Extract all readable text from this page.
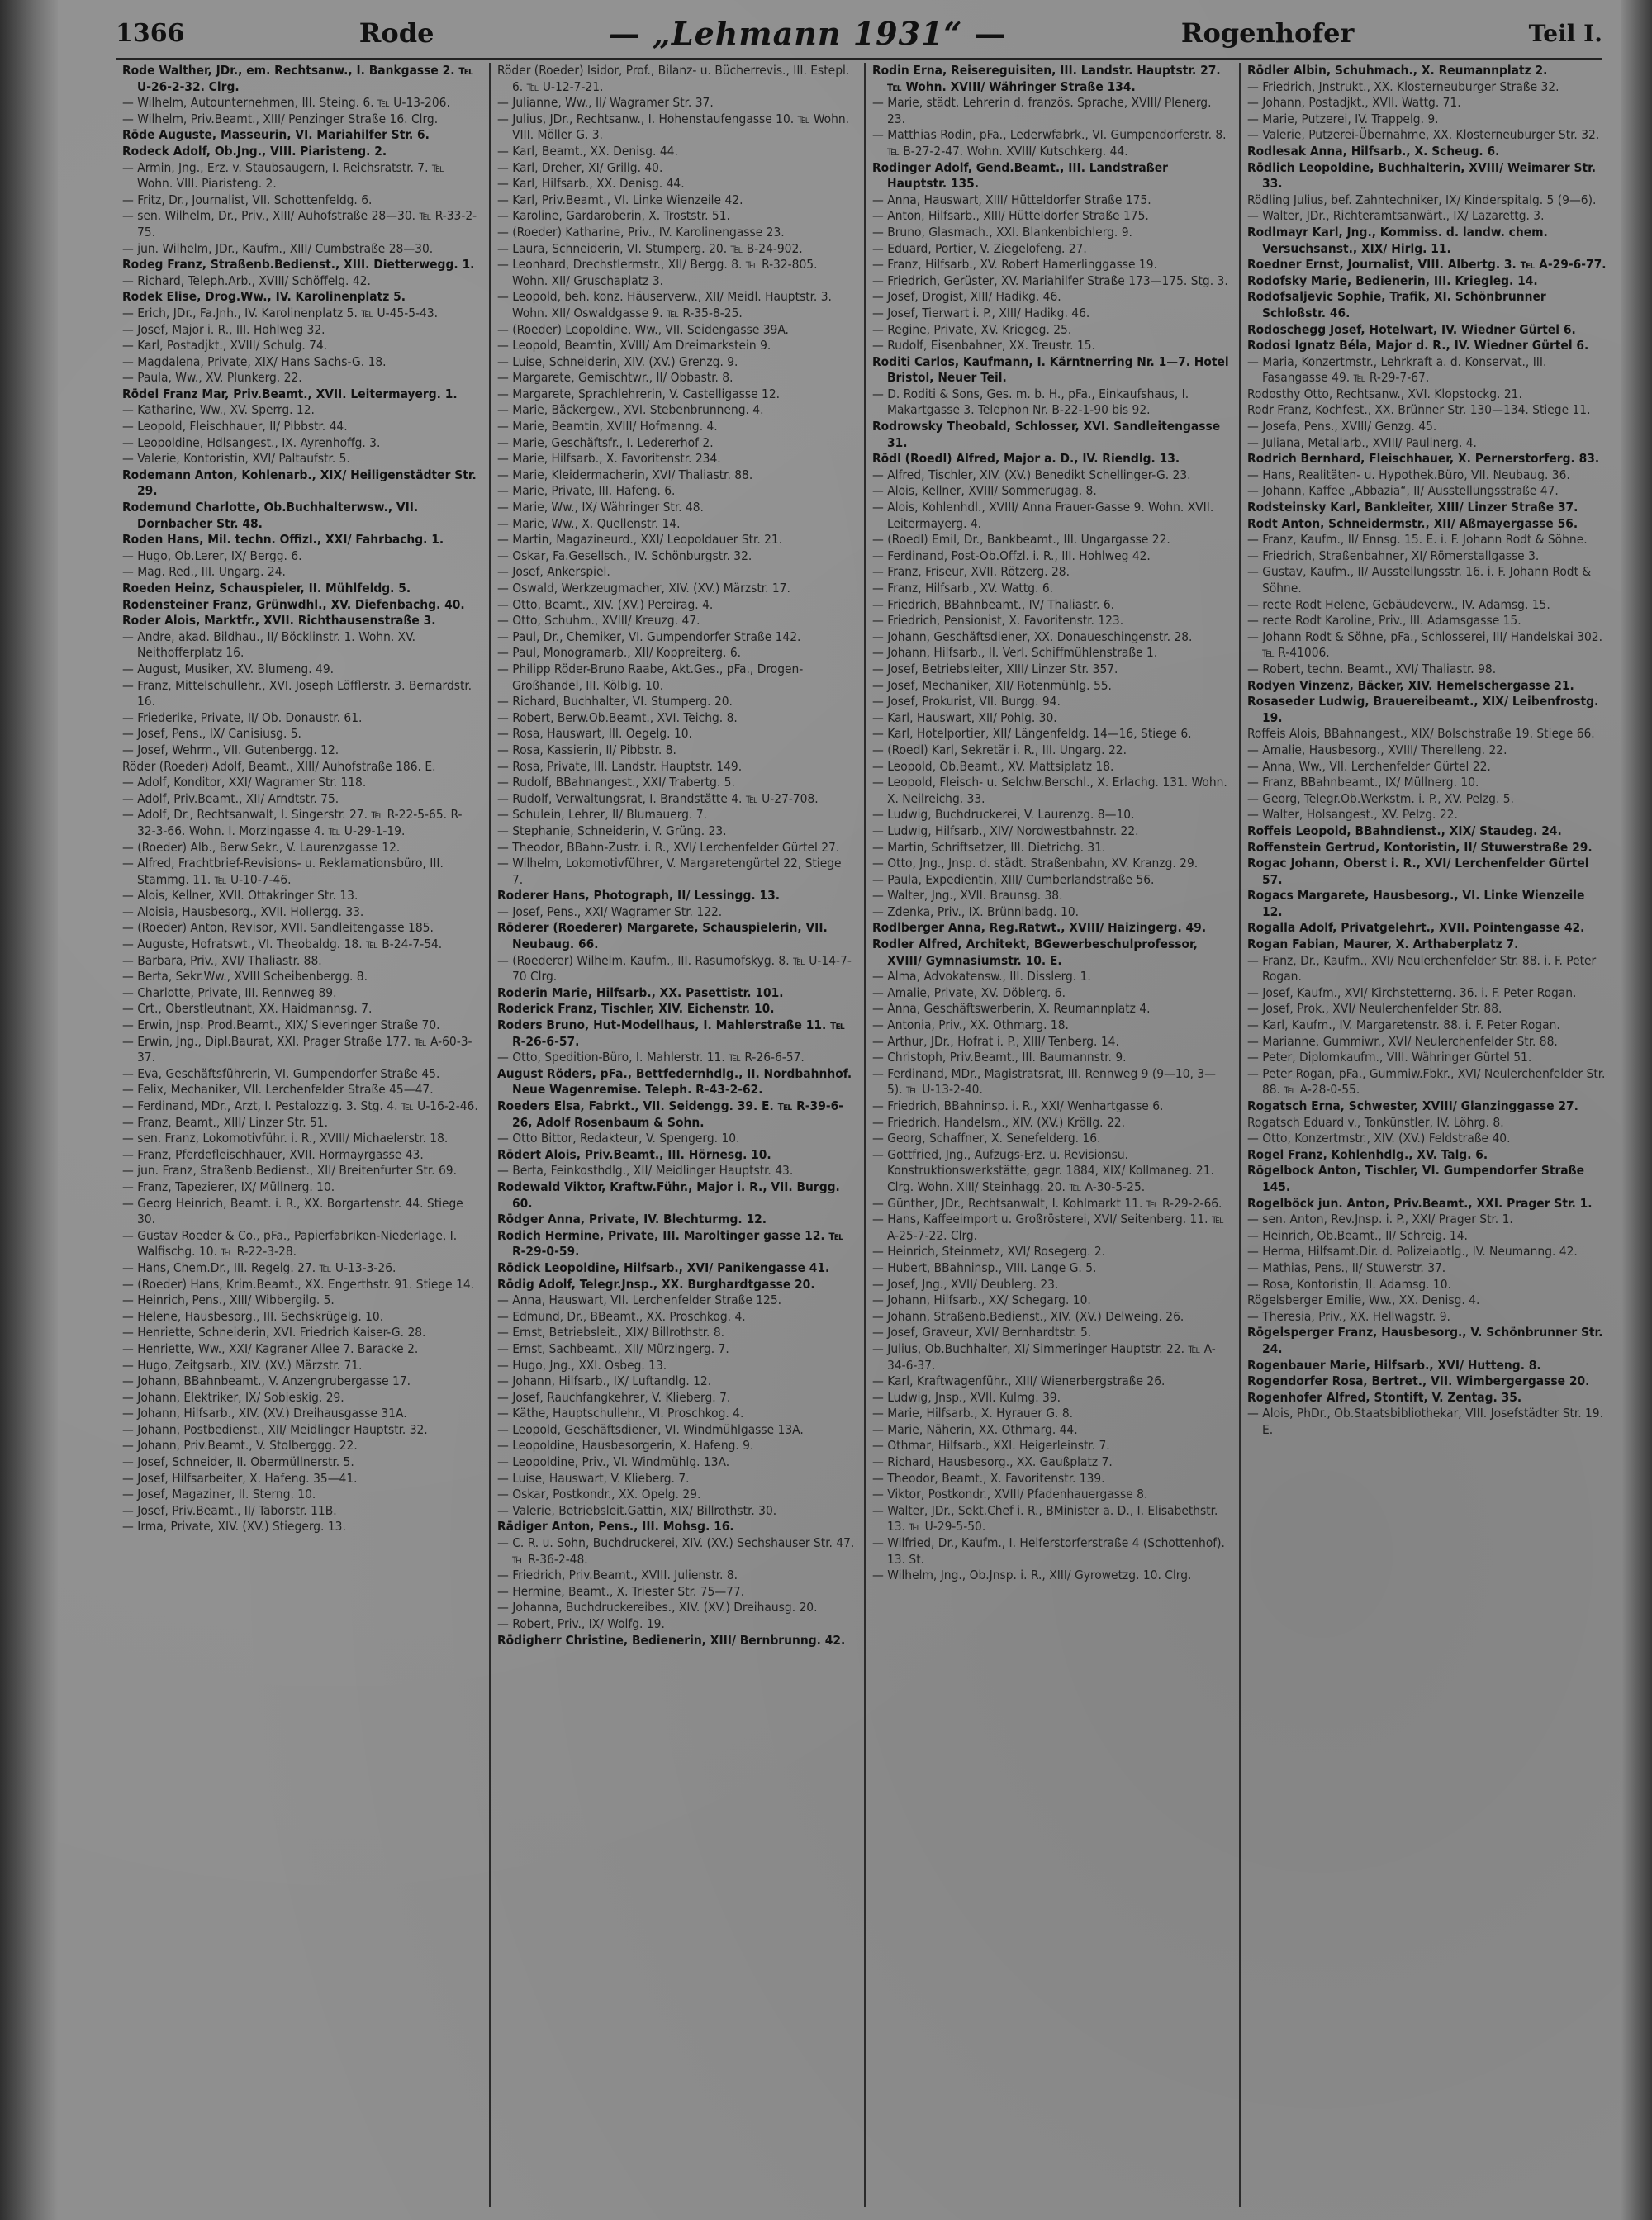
1366	Rode	— „Lehmann 1931“ —	Rogenhofer	Teil I.
Rode Walther, JDr., em. Rechtsanw., I. Bankgasse 2. ℡ U-26-2-32. Clrg.
— Wilhelm, Autounternehmen, III. Steing. 6. ℡ U-13-206.
— Wilhelm, Priv.Beamt., XIII/ Penzinger Straße 16. Clrg.
Röde Auguste, Masseurin, VI. Mariahilfer Str. 6.
Rodeck Adolf, Ob.Jng., VIII. Piaristeng. 2.
— Armin, Jng., Erz. v. Staubsaugern, I. Reichsratstr. 7. ℡ Wohn. VIII. Piaristeng. 2.
— Fritz, Dr., Journalist, VII. Schottenfeldg. 6.
— sen. Wilhelm, Dr., Priv., XIII/ Auhofstraße 28—30. ℡ R-33-2-75.
— jun. Wilhelm, JDr., Kaufm., XIII/ Cumbstraße 28—30.
Rodeg Franz, Straßenb.Bedienst., XIII. Dietterwegg. 1.
— Richard, Teleph.Arb., XVIII/ Schöffelg. 42.
Rodek Elise, Drog.Ww., IV. Karolinenplatz 5.
— Erich, JDr., Fa.Jnh., IV. Karolinenplatz 5. ℡ U-45-5-43.
— Josef, Major i. R., III. Hohlweg 32.
— Karl, Postadjkt., XVIII/ Schulg. 74.
— Magdalena, Private, XIX/ Hans Sachs-G. 18.
— Paula, Ww., XV. Plunkerg. 22.
Rödel Franz Mar, Priv.Beamt., XVII. Leitermayerg. 1.
— Katharine, Ww., XV. Sperrg. 12.
— Leopold, Fleischhauer, II/ Pibbstr. 44.
— Leopoldine, Hdlsangest., IX. Ayrenhoffg. 3.
— Valerie, Kontoristin, XVI/ Paltaufstr. 5.
Rodemann Anton, Kohlenarb., XIX/ Heiligenstädter Str. 29.
Rodemund Charlotte, Ob.Buchhalterwsw., VII. Dornbacher Str. 48.
Roden Hans, Mil. techn. Offizl., XXI/ Fahrbachg. 1.
— Hugo, Ob.Lerer, IX/ Bergg. 6.
— Mag. Red., III. Ungarg. 24.
Roeden Heinz, Schauspieler, II. Mühlfeldg. 5.
Rodensteiner Franz, Grünwdhl., XV. Diefenbachg. 40.
Roder Alois, Marktfr., XVII. Richthausenstraße 3.
— Andre, akad. Bildhau., II/ Böcklinstr. 1. Wohn. XV. Neithofferplatz 16.
— August, Musiker, XV. Blumeng. 49.
— Franz, Mittelschullehr., XVI. Joseph Löfflerstr. 3. Bernardstr. 16.
— Friederike, Private, II/ Ob. Donaustr. 61.
— Josef, Pens., IX/ Canisiusg. 5.
— Josef, Wehrm., VII. Gutenbergg. 12.
Röder (Roeder) Adolf, Beamt., XIII/ Auhofstraße 186. E.
— Adolf, Konditor, XXI/ Wagramer Str. 118.
— Adolf, Priv.Beamt., XII/ Arndtstr. 75.
— Adolf, Dr., Rechtsanwalt, I. Singerstr. 27. ℡ R-22-5-65. R-32-3-66. Wohn. I. Morzingasse 4. ℡ U-29-1-19.
— (Roeder) Alb., Berw.Sekr., V. Laurenzgasse 12.
— Alfred, Frachtbrief-Revisions- u. Reklamationsbüro, III. Stammg. 11. ℡ U-10-7-46.
— Alois, Kellner, XVII. Ottakringer Str. 13.
— Aloisia, Hausbesorg., XVII. Hollergg. 33.
— (Roeder) Anton, Revisor, XVII. Sandleitengasse 185.
— Auguste, Hofratswt., VI. Theobaldg. 18. ℡ B-24-7-54.
— Barbara, Priv., XVI/ Thaliastr. 88.
— Berta, Sekr.Ww., XVIII Scheibenbergg. 8.
— Charlotte, Private, III. Rennweg 89.
— Crt., Oberstleutnant, XX. Haidmannsg. 7.
— Erwin, Jnsp. Prod.Beamt., XIX/ Sieveringer Straße 70.
— Erwin, Jng., Dipl.Baurat, XXI. Prager Straße 177. ℡ A-60-3-37.
— Eva, Geschäftsführerin, VI. Gumpendorfer Straße 45.
— Felix, Mechaniker, VII. Lerchenfelder Straße 45—47.
— Ferdinand, MDr., Arzt, I. Pestalozzig. 3. Stg. 4. ℡ U-16-2-46.
— Franz, Beamt., XIII/ Linzer Str. 51.
— sen. Franz, Lokomotivführ. i. R., XVIII/ Michaelerstr. 18.
— Franz, Pferdefleischhauer, XVII. Hormayrgasse 43.
— jun. Franz, Straßenb.Bedienst., XII/ Breitenfurter Str. 69.
— Franz, Tapezierer, IX/ Müllnerg. 10.
— Georg Heinrich, Beamt. i. R., XX. Borgartenstr. 44. Stiege 30.
— Gustav Roeder & Co., pFa., Papierfabriken-Niederlage, I. Walfischg. 10. ℡ R-22-3-28.
— Hans, Chem.Dr., III. Regelg. 27. ℡ U-13-3-26.
— (Roeder) Hans, Krim.Beamt., XX. Engerthstr. 91. Stiege 14.
— Heinrich, Pens., XIII/ Wibbergilg. 5.
— Helene, Hausbesorg., III. Sechskrügelg. 10.
— Henriette, Schneiderin, XVI. Friedrich Kaiser-G. 28.
— Henriette, Ww., XXI/ Kagraner Allee 7. Baracke 2.
— Hugo, Zeitgsarb., XIV. (XV.) Märzstr. 71.
— Johann, BBahnbeamt., V. Anzengrubergasse 17.
— Johann, Elektriker, IX/ Sobieskig. 29.
— Johann, Hilfsarb., XIV. (XV.) Dreihausgasse 31A.
— Johann, Postbedienst., XII/ Meidlinger Hauptstr. 32.
— Johann, Priv.Beamt., V. Stolberggg. 22.
— Josef, Schneider, II. Obermüllnerstr. 5.
— Josef, Hilfsarbeiter, X. Hafeng. 35—41.
— Josef, Magaziner, II. Sterng. 10.
— Josef, Priv.Beamt., II/ Taborstr. 11B.
— Irma, Private, XIV. (XV.) Stiegerg. 13.
Röder (Roeder) Isidor, Prof., Bilanz- u. Bücherrevis., III. Estepl. 6. ℡ U-12-7-21.
— Julianne, Ww., II/ Wagramer Str. 37.
— Julius, JDr., Rechtsanw., I. Hohenstaufengasse 10. ℡ Wohn. VIII. Möller G. 3.
— Karl, Beamt., XX. Denisg. 44.
— Karl, Dreher, XI/ Grillg. 40.
— Karl, Hilfsarb., XX. Denisg. 44.
— Karl, Priv.Beamt., VI. Linke Wienzeile 42.
— Karoline, Gardaroberin, X. Troststr. 51.
— (Roeder) Katharine, Priv., IV. Karolinengasse 23.
— Laura, Schneiderin, VI. Stumperg. 20. ℡ B-24-902.
— Leonhard, Drechstlermstr., XII/ Bergg. 8. ℡ R-32-805. Wohn. XII/ Gruschaplatz 3.
— Leopold, beh. konz. Häuserverw., XII/ Meidl. Hauptstr. 3. Wohn. XII/ Oswaldgasse 9. ℡ R-35-8-25.
— (Roeder) Leopoldine, Ww., VII. Seidengasse 39A.
— Leopold, Beamtin, XVIII/ Am Dreimarkstein 9.
— Luise, Schneiderin, XIV. (XV.) Grenzg. 9.
— Margarete, Gemischtwr., II/ Obbastr. 8.
— Margarete, Sprachlehrerin, V. Castelligasse 12.
— Marie, Bäckergew., XVI. Stebenbrunneng. 4.
— Marie, Beamtin, XVIII/ Hofmanng. 4.
— Marie, Geschäftsfr., I. Ledererhof 2.
— Marie, Hilfsarb., X. Favoritenstr. 234.
— Marie, Kleidermacherin, XVI/ Thaliastr. 88.
— Marie, Private, III. Hafeng. 6.
— Marie, Ww., IX/ Währinger Str. 48.
— Marie, Ww., X. Quellenstr. 14.
— Martin, Magazineurd., XXI/ Leopoldauer Str. 21.
— Oskar, Fa.Gesellsch., IV. Schönburgstr. 32.
— Josef, Ankerspiel.
— Oswald, Werkzeugmacher, XIV. (XV.) Märzstr. 17.
— Otto, Beamt., XIV. (XV.) Pereirag. 4.
— Otto, Schuhm., XVIII/ Kreuzg. 47.
— Paul, Dr., Chemiker, VI. Gumpendorfer Straße 142.
— Paul, Monogramarb., XII/ Koppreiterg. 6.
— Philipp Röder-Bruno Raabe, Akt.Ges., pFa., Drogen-Großhandel, III. Kölblg. 10.
— Richard, Buchhalter, VI. Stumperg. 20.
— Robert, Berw.Ob.Beamt., XVI. Teichg. 8.
— Rosa, Hauswart, III. Oegelg. 10.
— Rosa, Kassierin, II/ Pibbstr. 8.
— Rosa, Private, III. Landstr. Hauptstr. 149.
— Rudolf, BBahnangest., XXI/ Trabertg. 5.
— Rudolf, Verwaltungsrat, I. Brandstätte 4. ℡ U-27-708.
— Schulein, Lehrer, II/ Blumauerg. 7.
— Stephanie, Schneiderin, V. Grüng. 23.
— Theodor, BBahn-Zustr. i. R., XVI/ Lerchenfelder Gürtel 27.
— Wilhelm, Lokomotivführer, V. Margaretengürtel 22, Stiege 7.
Roderer Hans, Photograph, II/ Lessingg. 13.
— Josef, Pens., XXI/ Wagramer Str. 122.
Röderer (Roederer) Margarete, Schauspielerin, VII. Neubaug. 66.
— (Roederer) Wilhelm, Kaufm., III. Rasumofskyg. 8. ℡ U-14-7-70 Clrg.
Roderin Marie, Hilfsarb., XX. Pasettistr. 101.
Roderick Franz, Tischler, XIV. Eichenstr. 10.
Roders Bruno, Hut-Modellhaus, I. Mahlerstraße 11. ℡ R-26-6-57.
— Otto, Spedition-Büro, I. Mahlerstr. 11. ℡ R-26-6-57.
August Röders, pFa., Bettfedernhdlg., II. Nordbahnhof. Neue Wagenremise. Teleph. R-43-2-62.
Roeders Elsa, Fabrkt., VII. Seidengg. 39. E. ℡ R-39-6-26, Adolf Rosenbaum & Sohn.
— Otto Bittor, Redakteur, V. Spengerg. 10.
Rödert Alois, Priv.Beamt., III. Hörnesg. 10.
— Berta, Feinkosthdlg., XII/ Meidlinger Hauptstr. 43.
Rodewald Viktor, Kraftw.Führ., Major i. R., VII. Burgg. 60.
Rödger Anna, Private, IV. Blechturmg. 12.
Rodich Hermine, Private, III. Maroltinger gasse 12. ℡ R-29-0-59.
Rödick Leopoldine, Hilfsarb., XVI/ Panikengasse 41.
Rödig Adolf, Telegr.Jnsp., XX. Burghardtgasse 20.
— Anna, Hauswart, VII. Lerchenfelder Straße 125.
— Edmund, Dr., BBeamt., XX. Proschkog. 4.
— Ernst, Betriebsleit., XIX/ Billrothstr. 8.
— Ernst, Sachbeamt., XII/ Mürzingerg. 7.
— Hugo, Jng., XXI. Osbeg. 13.
— Johann, Hilfsarb., IX/ Luftandlg. 12.
— Josef, Rauchfangkehrer, V. Klieberg. 7.
— Käthe, Hauptschullehr., VI. Proschkog. 4.
— Leopold, Geschäftsdiener, VI. Windmühlgasse 13A.
— Leopoldine, Hausbesorgerin, X. Hafeng. 9.
— Leopoldine, Priv., VI. Windmühlg. 13A.
— Luise, Hauswart, V. Klieberg. 7.
— Oskar, Postkondr., XX. Opelg. 29.
— Valerie, Betriebsleit.Gattin, XIX/ Billrothstr. 30.
Rädiger Anton, Pens., III. Mohsg. 16.
— C. R. u. Sohn, Buchdruckerei, XIV. (XV.) Sechshauser Str. 47. ℡ R-36-2-48.
— Friedrich, Priv.Beamt., XVIII. Julienstr. 8.
— Hermine, Beamt., X. Triester Str. 75—77.
— Johanna, Buchdruckereibes., XIV. (XV.) Dreihausg. 20.
— Robert, Priv., IX/ Wolfg. 19.
Rödigherr Christine, Bedienerin, XIII/ Bernbrunng. 42.
Rodin Erna, Reisereguisiten, III. Landstr. Hauptstr. 27. ℡ Wohn. XVIII/ Währinger Straße 134.
— Marie, städt. Lehrerin d. französ. Sprache, XVIII/ Plenerg. 23.
— Matthias Rodin, pFa., Lederwfabrk., VI. Gumpendorferstr. 8. ℡ B-27-2-47. Wohn. XVIII/ Kutschkerg. 44.
Rodinger Adolf, Gend.Beamt., III. Landstraßer Hauptstr. 135.
— Anna, Hauswart, XIII/ Hütteldorfer Straße 175.
— Anton, Hilfsarb., XIII/ Hütteldorfer Straße 175.
— Bruno, Glasmach., XXI. Blankenbichlerg. 9.
— Eduard, Portier, V. Ziegelofeng. 27.
— Franz, Hilfsarb., XV. Robert Hamerlinggasse 19.
— Friedrich, Gerüster, XV. Mariahilfer Straße 173—175. Stg. 3.
— Josef, Drogist, XIII/ Hadikg. 46.
— Josef, Tierwart i. P., XIII/ Hadikg. 46.
— Regine, Private, XV. Kriegeg. 25.
— Rudolf, Eisenbahner, XX. Treustr. 15.
Roditi Carlos, Kaufmann, I. Kärntnerring Nr. 1—7. Hotel Bristol, Neuer Teil.
— D. Roditi & Sons, Ges. m. b. H., pFa., Einkaufshaus, I. Makartgasse 3. Telephon Nr. B-22-1-90 bis 92.
Rodrowsky Theobald, Schlosser, XVI. Sandleitengasse 31.
Rödl (Roedl) Alfred, Major a. D., IV. Riendlg. 13.
— Alfred, Tischler, XIV. (XV.) Benedikt Schellinger-G. 23.
— Alois, Kellner, XVIII/ Sommerugag. 8.
— Alois, Kohlenhdl., XVIII/ Anna Frauer-Gasse 9. Wohn. XVII. Leitermayerg. 4.
— (Roedl) Emil, Dr., Bankbeamt., III. Ungargasse 22.
— Ferdinand, Post-Ob.Offzl. i. R., III. Hohlweg 42.
— Franz, Friseur, XVII. Rötzerg. 28.
— Franz, Hilfsarb., XV. Wattg. 6.
— Friedrich, BBahnbeamt., IV/ Thaliastr. 6.
— Friedrich, Pensionist, X. Favoritenstr. 123.
— Johann, Geschäftsdiener, XX. Donaueschingenstr. 28.
— Johann, Hilfsarb., II. Verl. Schiffmühlenstraße 1.
— Josef, Betriebsleiter, XIII/ Linzer Str. 357.
— Josef, Mechaniker, XII/ Rotenmühlg. 55.
— Josef, Prokurist, VII. Burgg. 94.
— Karl, Hauswart, XII/ Pohlg. 30.
— Karl, Hotelportier, XII/ Längenfeldg. 14—16, Stiege 6.
— (Roedl) Karl, Sekretär i. R., III. Ungarg. 22.
— Leopold, Ob.Beamt., XV. Mattsiplatz 18.
— Leopold, Fleisch- u. Selchw.Berschl., X. Erlachg. 131. Wohn. X. Neilreichg. 33.
— Ludwig, Buchdruckerei, V. Laurenzg. 8—10.
— Ludwig, Hilfsarb., XIV/ Nordwestbahnstr. 22.
— Martin, Schriftsetzer, III. Dietrichg. 31.
— Otto, Jng., Jnsp. d. städt. Straßenbahn, XV. Kranzg. 29.
— Paula, Expedientin, XIII/ Cumberlandstraße 56.
— Walter, Jng., XVII. Braunsg. 38.
— Zdenka, Priv., IX. Brünnlbadg. 10.
Rodlberger Anna, Reg.Ratwt., XVIII/ Haizingerg. 49.
Rodler Alfred, Architekt, BGewerbeschulprofessor, XVIII/ Gymnasiumstr. 10. E.
— Alma, Advokatensw., III. Disslerg. 1.
— Amalie, Private, XV. Döblerg. 6.
— Anna, Geschäftswerberin, X. Reumannplatz 4.
— Antonia, Priv., XX. Othmarg. 18.
— Arthur, JDr., Hofrat i. P., XIII/ Tenberg. 14.
— Christoph, Priv.Beamt., III. Baumannstr. 9.
— Ferdinand, MDr., Magistratsrat, III. Rennweg 9 (9—10, 3—5). ℡ U-13-2-40.
— Friedrich, BBahninsp. i. R., XXI/ Wenhartgasse 6.
— Friedrich, Handelsm., XIV. (XV.) Kröllg. 22.
— Georg, Schaffner, X. Senefelderg. 16.
— Gottfried, Jng., Aufzugs-Erz. u. Revisionsu. Konstruktionswerkstätte, gegr. 1884, XIX/ Kollmaneg. 21. Clrg. Wohn. XIII/ Steinhagg. 20. ℡ A-30-5-25.
— Günther, JDr., Rechtsanwalt, I. Kohlmarkt 11. ℡ R-29-2-66.
— Hans, Kaffeeimport u. Großrösterei, XVI/ Seitenberg. 11. ℡ A-25-7-22. Clrg.
— Heinrich, Steinmetz, XVI/ Rosegerg. 2.
— Hubert, BBahninsp., VIII. Lange G. 5.
— Josef, Jng., XVII/ Deublerg. 23.
— Johann, Hilfsarb., XX/ Schegarg. 10.
— Johann, Straßenb.Bedienst., XIV. (XV.) Delweing. 26.
— Josef, Graveur, XVI/ Bernhardtstr. 5.
— Julius, Ob.Buchhalter, XI/ Simmeringer Hauptstr. 22. ℡ A-34-6-37.
— Karl, Kraftwagenführ., XIII/ Wienerbergstraße 26.
— Ludwig, Jnsp., XVII. Kulmg. 39.
— Marie, Hilfsarb., X. Hyrauer G. 8.
— Marie, Näherin, XX. Othmarg. 44.
— Othmar, Hilfsarb., XXI. Heigerleinstr. 7.
— Richard, Hausbesorg., XX. Gaußplatz 7.
— Theodor, Beamt., X. Favoritenstr. 139.
— Viktor, Postkondr., XVIII/ Pfadenhauergasse 8.
— Walter, JDr., Sekt.Chef i. R., BMinister a. D., I. Elisabethstr. 13. ℡ U-29-5-50.
— Wilfried, Dr., Kaufm., I. Helferstorferstraße 4 (Schottenhof). 13. St.
— Wilhelm, Jng., Ob.Jnsp. i. R., XIII/ Gyrowetzg. 10. Clrg.
Rödler Albin, Schuhmach., X. Reumannplatz 2.
— Friedrich, Jnstrukt., XX. Klosterneuburger Straße 32.
— Johann, Postadjkt., XVII. Wattg. 71.
— Marie, Putzerei, IV. Trappelg. 9.
— Valerie, Putzerei-Übernahme, XX. Klosterneuburger Str. 32.
Rodlesak Anna, Hilfsarb., X. Scheug. 6.
Rödlich Leopoldine, Buchhalterin, XVIII/ Weimarer Str. 33.
Rödling Julius, bef. Zahntechniker, IX/ Kinderspitalg. 5 (9—6).
— Walter, JDr., Richteramtsanwärt., IX/ Lazarettg. 3.
Rodlmayr Karl, Jng., Kommiss. d. landw. chem. Versuchsanst., XIX/ Hirlg. 11.
Roedner Ernst, Journalist, VIII. Albertg. 3. ℡ A-29-6-77.
Rodofsky Marie, Bedienerin, III. Kriegleg. 14.
Rodofsaljevic Sophie, Trafik, XI. Schönbrunner Schloßstr. 46.
Rodoschegg Josef, Hotelwart, IV. Wiedner Gürtel 6.
Rodosi Ignatz Béla, Major d. R., IV. Wiedner Gürtel 6.
— Maria, Konzertmstr., Lehrkraft a. d. Konservat., III. Fasangasse 49. ℡ R-29-7-67.
Rodosthy Otto, Rechtsanw., XVI. Klopstockg. 21.
Rodr Franz, Kochfest., XX. Brünner Str. 130—134. Stiege 11.
— Josefa, Pens., XVIII/ Genzg. 45.
— Juliana, Metallarb., XVIII/ Paulinerg. 4.
Rodrich Bernhard, Fleischhauer, X. Pernerstorferg. 83.
— Hans, Realitäten- u. Hypothek.Büro, VII. Neubaug. 36.
— Johann, Kaffee „Abbazia“, II/ Ausstellungsstraße 47.
Rodsteinsky Karl, Bankleiter, XIII/ Linzer Straße 37.
Rodt Anton, Schneidermstr., XII/ Aßmayergasse 56.
— Franz, Kaufm., II/ Ennsg. 15. E. i. F. Johann Rodt & Söhne.
— Friedrich, Straßenbahner, XI/ Römerstallgasse 3.
— Gustav, Kaufm., II/ Ausstellungsstr. 16. i. F. Johann Rodt & Söhne.
— recte Rodt Helene, Gebäudeverw., IV. Adamsg. 15.
— recte Rodt Karoline, Priv., III. Adamsgasse 15.
— Johann Rodt & Söhne, pFa., Schlosserei, III/ Handelskai 302. ℡ R-41006.
— Robert, techn. Beamt., XVI/ Thaliastr. 98.
Rodyen Vinzenz, Bäcker, XIV. Hemelschergasse 21.
Rosaseder Ludwig, Brauereibeamt., XIX/ Leibenfrostg. 19.
Roffeis Alois, BBahnangest., XIX/ Bolschstraße 19. Stiege 66.
— Amalie, Hausbesorg., XVIII/ Therelleng. 22.
— Anna, Ww., VII. Lerchenfelder Gürtel 22.
— Franz, BBahnbeamt., IX/ Müllnerg. 10.
— Georg, Telegr.Ob.Werkstm. i. P., XV. Pelzg. 5.
— Walter, Holsangest., XV. Pelzg. 22.
Roffeis Leopold, BBahndienst., XIX/ Staudeg. 24.
Roffenstein Gertrud, Kontoristin, II/ Stuwerstraße 29.
Rogac Johann, Oberst i. R., XVI/ Lerchenfelder Gürtel 57.
Rogacs Margarete, Hausbesorg., VI. Linke Wienzeile 12.
Rogalla Adolf, Privatgelehrt., XVII. Pointengasse 42.
Rogan Fabian, Maurer, X. Arthaberplatz 7.
— Franz, Dr., Kaufm., XVI/ Neulerchenfelder Str. 88. i. F. Peter Rogan.
— Josef, Kaufm., XVI/ Kirchstetterng. 36. i. F. Peter Rogan.
— Josef, Prok., XVI/ Neulerchenfelder Str. 88.
— Karl, Kaufm., IV. Margaretenstr. 88. i. F. Peter Rogan.
— Marianne, Gummiwr., XVI/ Neulerchenfelder Str. 88.
— Peter, Diplomkaufm., VIII. Währinger Gürtel 51.
— Peter Rogan, pFa., Gummiw.Fbkr., XVI/ Neulerchenfelder Str. 88. ℡ A-28-0-55.
Rogatsch Erna, Schwester, XVIII/ Glanzinggasse 27.
Rogatsch Eduard v., Tonkünstler, IV. Löhrg. 8.
— Otto, Konzertmstr., XIV. (XV.) Feldstraße 40.
Rogel Franz, Kohlenhdlg., XV. Talg. 6.
Rögelbock Anton, Tischler, VI. Gumpendorfer Straße 145.
Rogelböck jun. Anton, Priv.Beamt., XXI. Prager Str. 1.
— sen. Anton, Rev.Jnsp. i. P., XXI/ Prager Str. 1.
— Heinrich, Ob.Beamt., II/ Schreig. 14.
— Herma, Hilfsamt.Dir. d. Polizeiabtlg., IV. Neumanng. 42.
— Mathias, Pens., II/ Stuwerstr. 37.
— Rosa, Kontoristin, II. Adamsg. 10.
Rögelsberger Emilie, Ww., XX. Denisg. 4.
— Theresia, Priv., XX. Hellwagstr. 9.
Rögelsperger Franz, Hausbesorg., V. Schönbrunner Str. 24.
Rogenbauer Marie, Hilfsarb., XVI/ Hutteng. 8.
Rogendorfer Rosa, Bertret., VII. Wimbergergasse 20.
Rogenhofer Alfred, Stontift, V. Zentag. 35.
— Alois, PhDr., Ob.Staatsbibliothekar, VIII. Josefstädter Str. 19. E.
